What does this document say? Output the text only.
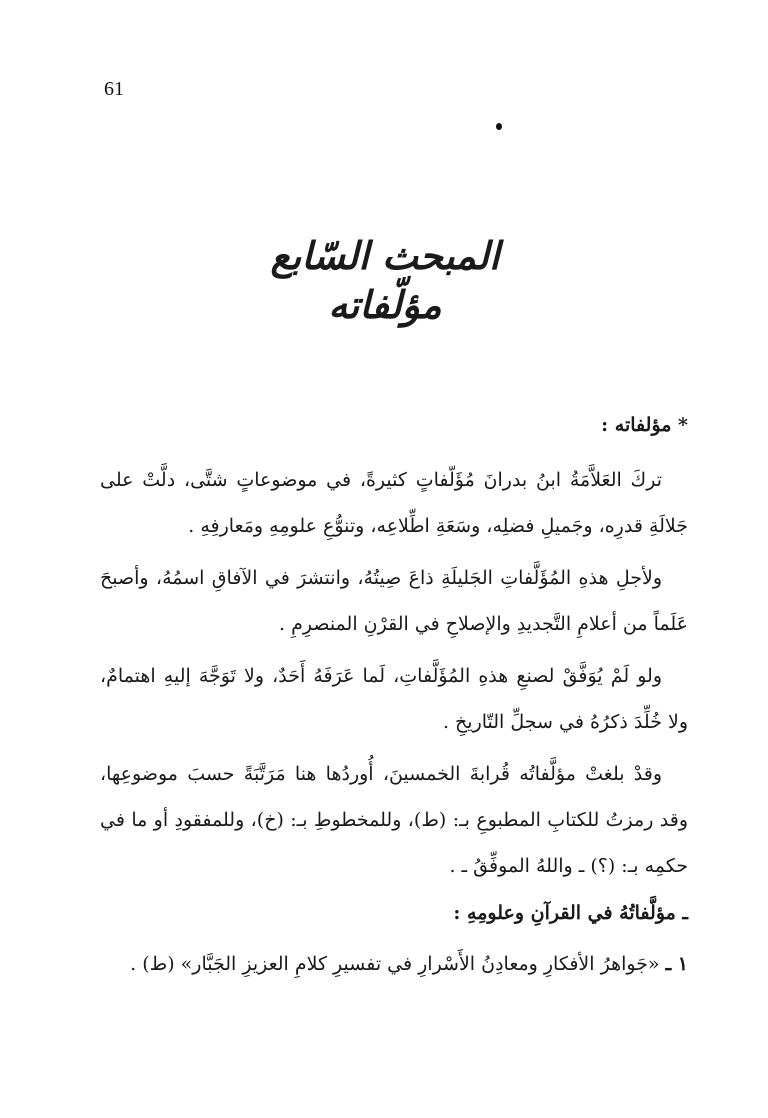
61
المبحث السّابع
مؤلّفاته
* مؤلفاته :

تركَ العَلاَّمَةُ ابنُ بدرانَ مُؤَلّفاتٍ كثيرةً، في موضوعاتٍ شتَّى، دلَّتْ على جَلالَةِ قدرِه، وجَميلِ فضلِه، وسَعَةِ اطِّلاعِه، وتنوُّعِ علومِهِ ومَعارفِهِ .

ولأجلِ هذهِ المُؤَلَّفاتِ الجَليلَةِ ذاعَ صِيتُهُ، وانتشرَ في الآفاقِ اسمُهُ، وأصبحَ عَلَماً من أعلامِ التَّجديدِ والإصلاحِ في القرْنِ المنصرِمِ .

ولو لَمْ يُوَفَّقْ لصنعِ هذهِ المُؤَلَّفاتِ، لَما عَرَفَهُ أَحَدٌ، ولا تَوَجَّهَ إليهِ اهتمامٌ، ولا خُلِّدَ ذكرُهُ في سجلِّ التّاريخِ .

وقدْ بلغتْ مؤلَّفاتُه قُرابةَ الخمسينَ، أُوردُها هنا مَرَتَّبَةً حسبَ موضوعِها، وقد رمزتُ للكتابِ المطبوعِ بـ: (ط)، وللمخطوطِ بـ: (خ)، وللمفقودِ أو ما في حكمِه بـ: (؟) ـ واللهُ الموفِّقُ ـ .

ـ مؤلَّفاتُهُ في القرآنِ وعلومِهِ :

١ ـ «جَواهرُ الأفكارِ ومعادِنُ الأَسْرارِ في تفسيرِ كلامِ العزيزِ الجَبَّار» (ط) .
